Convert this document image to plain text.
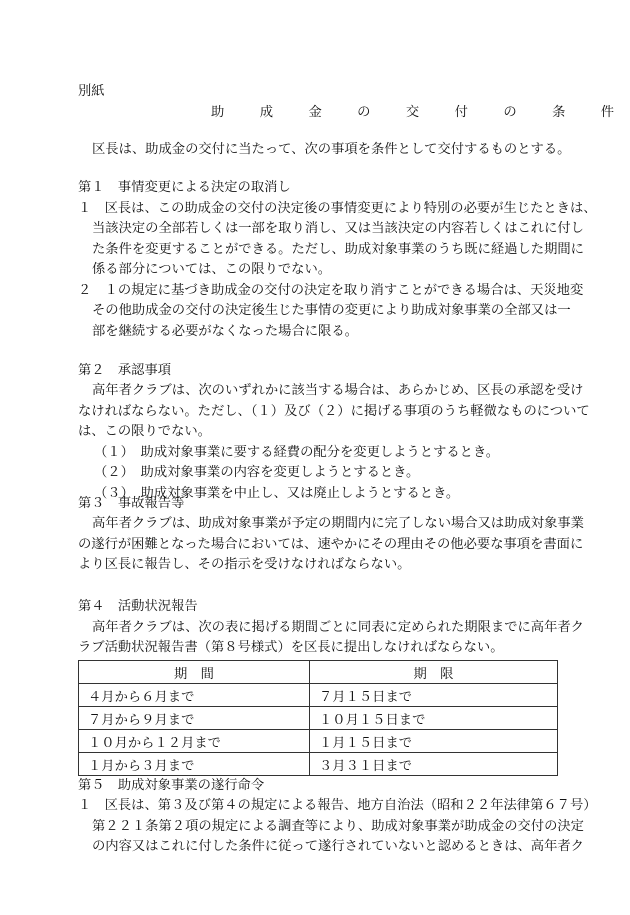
別紙
助 成 金 の 交 付 の 条 件
区長は、助成金の交付に当たって、次の事項を条件として交付するものとする。
第１　事情変更による決定の取消し
１　区長は、この助成金の交付の決定後の事情変更により特別の必要が生じたときは、
当該決定の全部若しくは一部を取り消し、又は当該決定の内容若しくはこれに付し
た条件を変更することができる。ただし、助成対象事業のうち既に経過した期間に
係る部分については、この限りでない。
２　１の規定に基づき助成金の交付の決定を取り消すことができる場合は、天災地変
その他助成金の交付の決定後生じた事情の変更により助成対象事業の全部又は一
部を継続する必要がなくなった場合に限る。
第２　承認事項
高年者クラブは、次のいずれかに該当する場合は、あらかじめ、区長の承認を受け
なければならない。ただし、（１）及び（２）に掲げる事項のうち軽微なものについて
は、この限りでない。
（１）　助成対象事業に要する経費の配分を変更しようとするとき。
（２）　助成対象事業の内容を変更しようとするとき。
（３）　助成対象事業を中止し、又は廃止しようとするとき。
第３　事故報告等
高年者クラブは、助成対象事業が予定の期間内に完了しない場合又は助成対象事業
の遂行が困難となった場合においては、速やかにその理由その他必要な事項を書面に
より区長に報告し、その指示を受けなければならない。
第４　活動状況報告
高年者クラブは、次の表に掲げる期間ごとに同表に定められた期限までに高年者ク
期　間	期　限
４月から６月まで	７月１５日まで
７月から９月まで	１０月１５日まで
１０月から１２月まで	１月１５日まで
１月から３月まで	３月３１日まで
第５　助成対象事業の遂行命令
１　区長は、第３及び第４の規定による報告、地方自治法（昭和２２年法律第６７号）
第２２１条第２項の規定による調査等により、助成対象事業が助成金の交付の決定
の内容又はこれに付した条件に従って遂行されていないと認めるときは、高年者ク
ラブ活動状況報告書（第８号様式）を区長に提出しなければならない。
